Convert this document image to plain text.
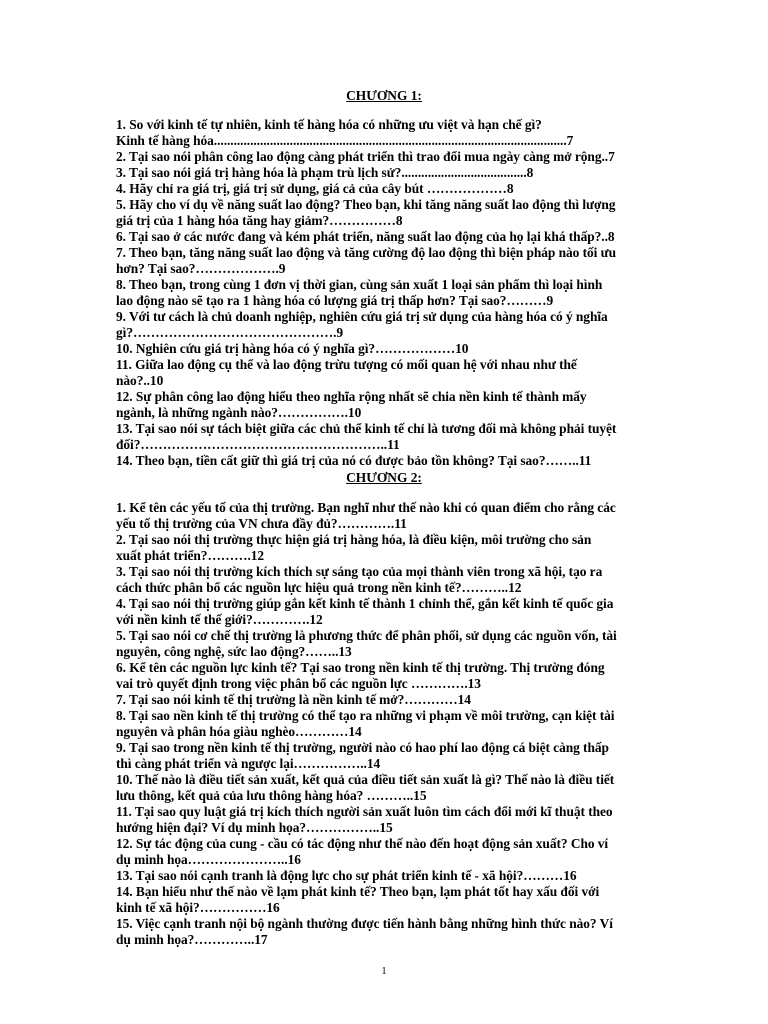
CHƯƠNG 1:

1. So với kinh tế tự nhiên, kinh tế hàng hóa có những ưu việt và hạn chế gì?

Kinh tế hàng hóa...........................................................................................................7

2. Tại sao nói phân công lao động càng phát triển thì trao đổi mua ngày càng mở rộng..7

3. Tại sao nói giá trị hàng hóa là phạm trù lịch sử?......................................8

4. Hãy chỉ ra giá trị, giá trị sử dụng, giá cả của cây bút ………………8

5. Hãy cho ví dụ về năng suất lao động? Theo bạn, khi tăng năng suất lao động thì lượng

giá trị của 1 hàng hóa tăng hay giảm?……………8

6. Tại sao ở các nước đang và kém phát triển, năng suất lao động của họ lại khá thấp?..8

7. Theo bạn, tăng năng suất lao động và tăng cường độ lao động thì biện pháp nào tối ưu

hơn? Tại sao?……………….9

8. Theo bạn, trong cùng 1 đơn vị thời gian, cùng sản xuất 1 loại sản phẩm thì loại hình

lao động nào sẽ tạo ra 1 hàng hóa có lượng giá trị thấp hơn? Tại sao?………9

9. Với tư cách là chủ doanh nghiệp, nghiên cứu giá trị sử dụng của hàng hóa có ý nghĩa

gì?……………………………………….9

10. Nghiên cứu giá trị hàng hóa có ý nghĩa gì?………………10

11. Giữa lao động cụ thể và lao động trừu tượng có mối quan hệ với nhau như thế

nào?..10

12. Sự phân công lao động hiểu theo nghĩa rộng nhất sẽ chia nền kinh tế thành mấy

ngành, là những ngành nào?…………….10

13. Tại sao nói sự tách biệt giữa các chủ thể kinh tế chỉ là tương đối mà không phải tuyệt

đối?………………………………………………..11

14. Theo bạn, tiền cất giữ thì giá trị của nó có được bảo tồn không? Tại sao?……..11

CHƯƠNG 2:

1. Kể tên các yếu tố của thị trường. Bạn nghĩ như thế nào khi có quan điểm cho rằng các

yếu tố thị trường của VN chưa đầy đủ?………….11

2. Tại sao nói thị trường thực hiện giá trị hàng hóa, là điều kiện, môi trường cho sản

xuất phát triển?……….12

3. Tại sao nói thị trường kích thích sự sáng tạo của mọi thành viên trong xã hội, tạo ra

cách thức phân bổ các nguồn lực hiệu quả trong nền kinh tế?………..12

4. Tại sao nói thị trường giúp gắn kết kinh tế thành 1 chỉnh thể, gắn kết kinh tế quốc gia

với nền kinh tế thế giới?………….12

5. Tại sao nói cơ chế thị trường là phương thức để phân phối, sử dụng các nguồn vốn, tài

nguyên, công nghệ, sức lao động?……..13

6. Kể tên các nguồn lực kinh tế? Tại sao trong nền kinh tế thị trường. Thị trường đóng

vai trò quyết định trong việc phân bổ các nguồn lực ………….13

7. Tại sao nói kinh tế thị trường là nền kinh tế mở?…………14

8. Tại sao nền kinh tế thị trường có thể tạo ra những vi phạm về môi trường, cạn kiệt tài

nguyên và phân hóa giàu nghèo…………14

9. Tại sao trong nền kinh tế thị trường, người nào có hao phí lao động cá biệt càng thấp

thì càng phát triển và ngược lại……………..14

10. Thế nào là điều tiết sản xuất, kết quả của điều tiết sản xuất là gì? Thế nào là điều tiết

lưu thông, kết quả của lưu thông hàng hóa? ………..15

11. Tại sao quy luật giá trị kích thích người sản xuất luôn tìm cách đổi mới kĩ thuật theo

hướng hiện đại? Ví dụ minh họa?……………..15

12. Sự tác động của cung - cầu có tác động như thế nào đến hoạt động sản xuất? Cho ví

dụ minh họa…………………..16

13. Tại sao nói cạnh tranh là động lực cho sự phát triển kinh tế - xã hội?………16

14. Bạn hiểu như thế nào về lạm phát kinh tế? Theo bạn, lạm phát tốt hay xấu đối với

kinh tế xã hội?……………16

15. Việc cạnh tranh nội bộ ngành thường được tiến hành bằng những hình thức nào? Ví

dụ minh họa?…………..17

1
